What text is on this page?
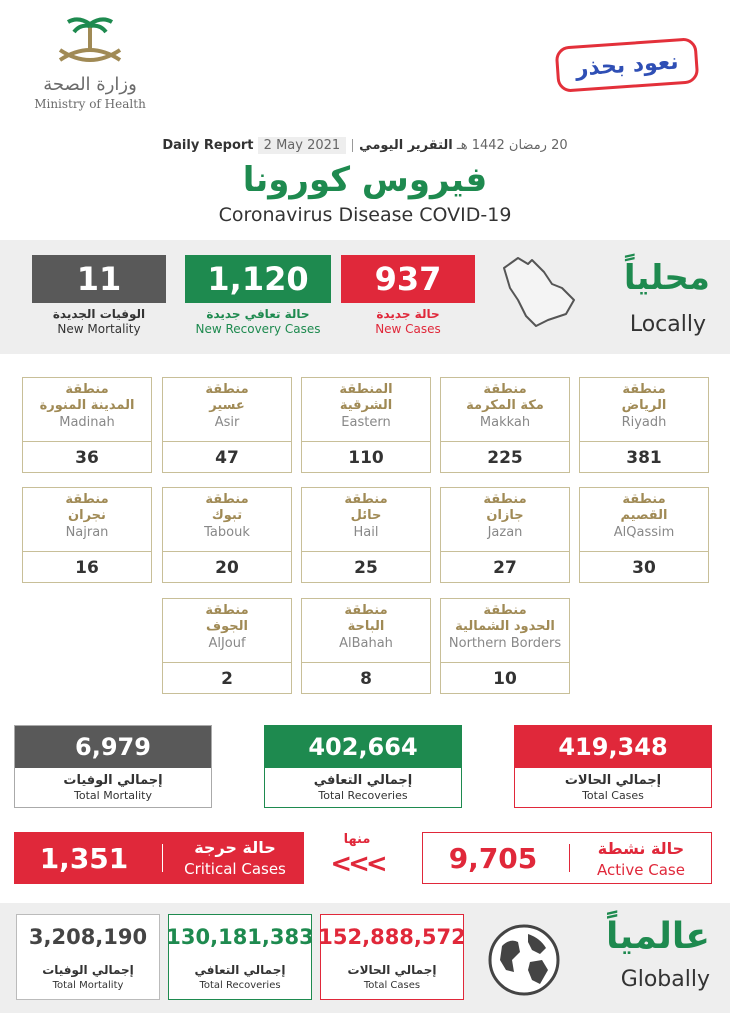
وزارة الصحة
Ministry of Health
نعود بحذر
Daily Report 2 May 2021	20 رمضان 1442 هـ التقرير اليومي
فيروس كورونا
Coronavirus Disease COVID-19
11
الوفيات الجديدة
New Mortality
1,120
حالة تعافي جديدة
New Recovery Cases
937
حالة جديدة
New Cases
محلياً
Locally
منطقة
الرياض
Riyadh
381
منطقة
مكة المكرمة
Makkah
225
المنطقة
الشرقية
Eastern
110
منطقة
عسير
Asir
47
منطقة
المدينة المنورة
Madinah
36
منطقة
القصيم
AlQassim
30
منطقة
جازان
Jazan
27
منطقة
حائل
Hail
25
منطقة
تبوك
Tabouk
20
منطقة
نجران
Najran
16
منطقة
الحدود الشمالية
Northern Borders
10
منطقة
الباحة
AlBahah
8
منطقة
الجوف
AlJouf
2
6,979
إجمالي الوفيات
Total Mortality
402,664
إجمالي التعافي
Total Recoveries
419,348
إجمالي الحالات
Total Cases
1,351	حالة حرجة
Critical Cases
منها
<<<	9,705	حالة نشطة
Active Case
3,208,190
إجمالي الوفيات
Total Mortality
130,181,383
إجمالي التعافي
Total Recoveries
152,888,572
إجمالي الحالات
Total Cases
عالمياً
Globally
